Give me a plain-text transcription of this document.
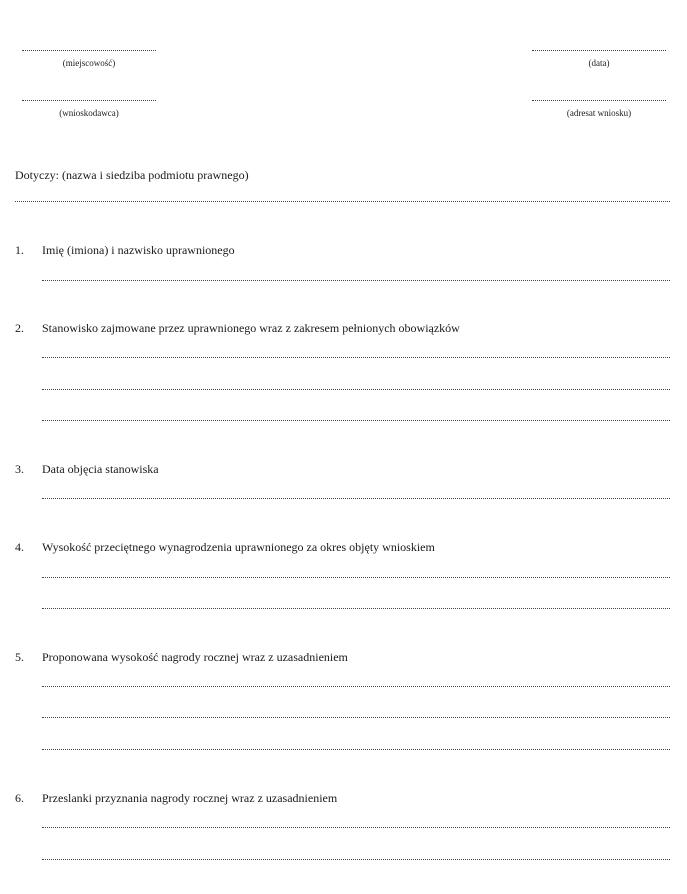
(miejscowość)	(data)
(wnioskodawca)	(adresat wniosku)
Dotyczy: (nazwa i siedziba podmiotu prawnego)
1. Imię (imiona) i nazwisko uprawnionego
2. Stanowisko zajmowane przez uprawnionego wraz z zakresem pełnionych obowiązków
3. Data objęcia stanowiska
4. Wysokość przeciętnego wynagrodzenia uprawnionego za okres objęty wnioskiem
5. Proponowana wysokość nagrody rocznej wraz z uzasadnieniem
6. Przeslanki przyznania nagrody rocznej wraz z uzasadnieniem
